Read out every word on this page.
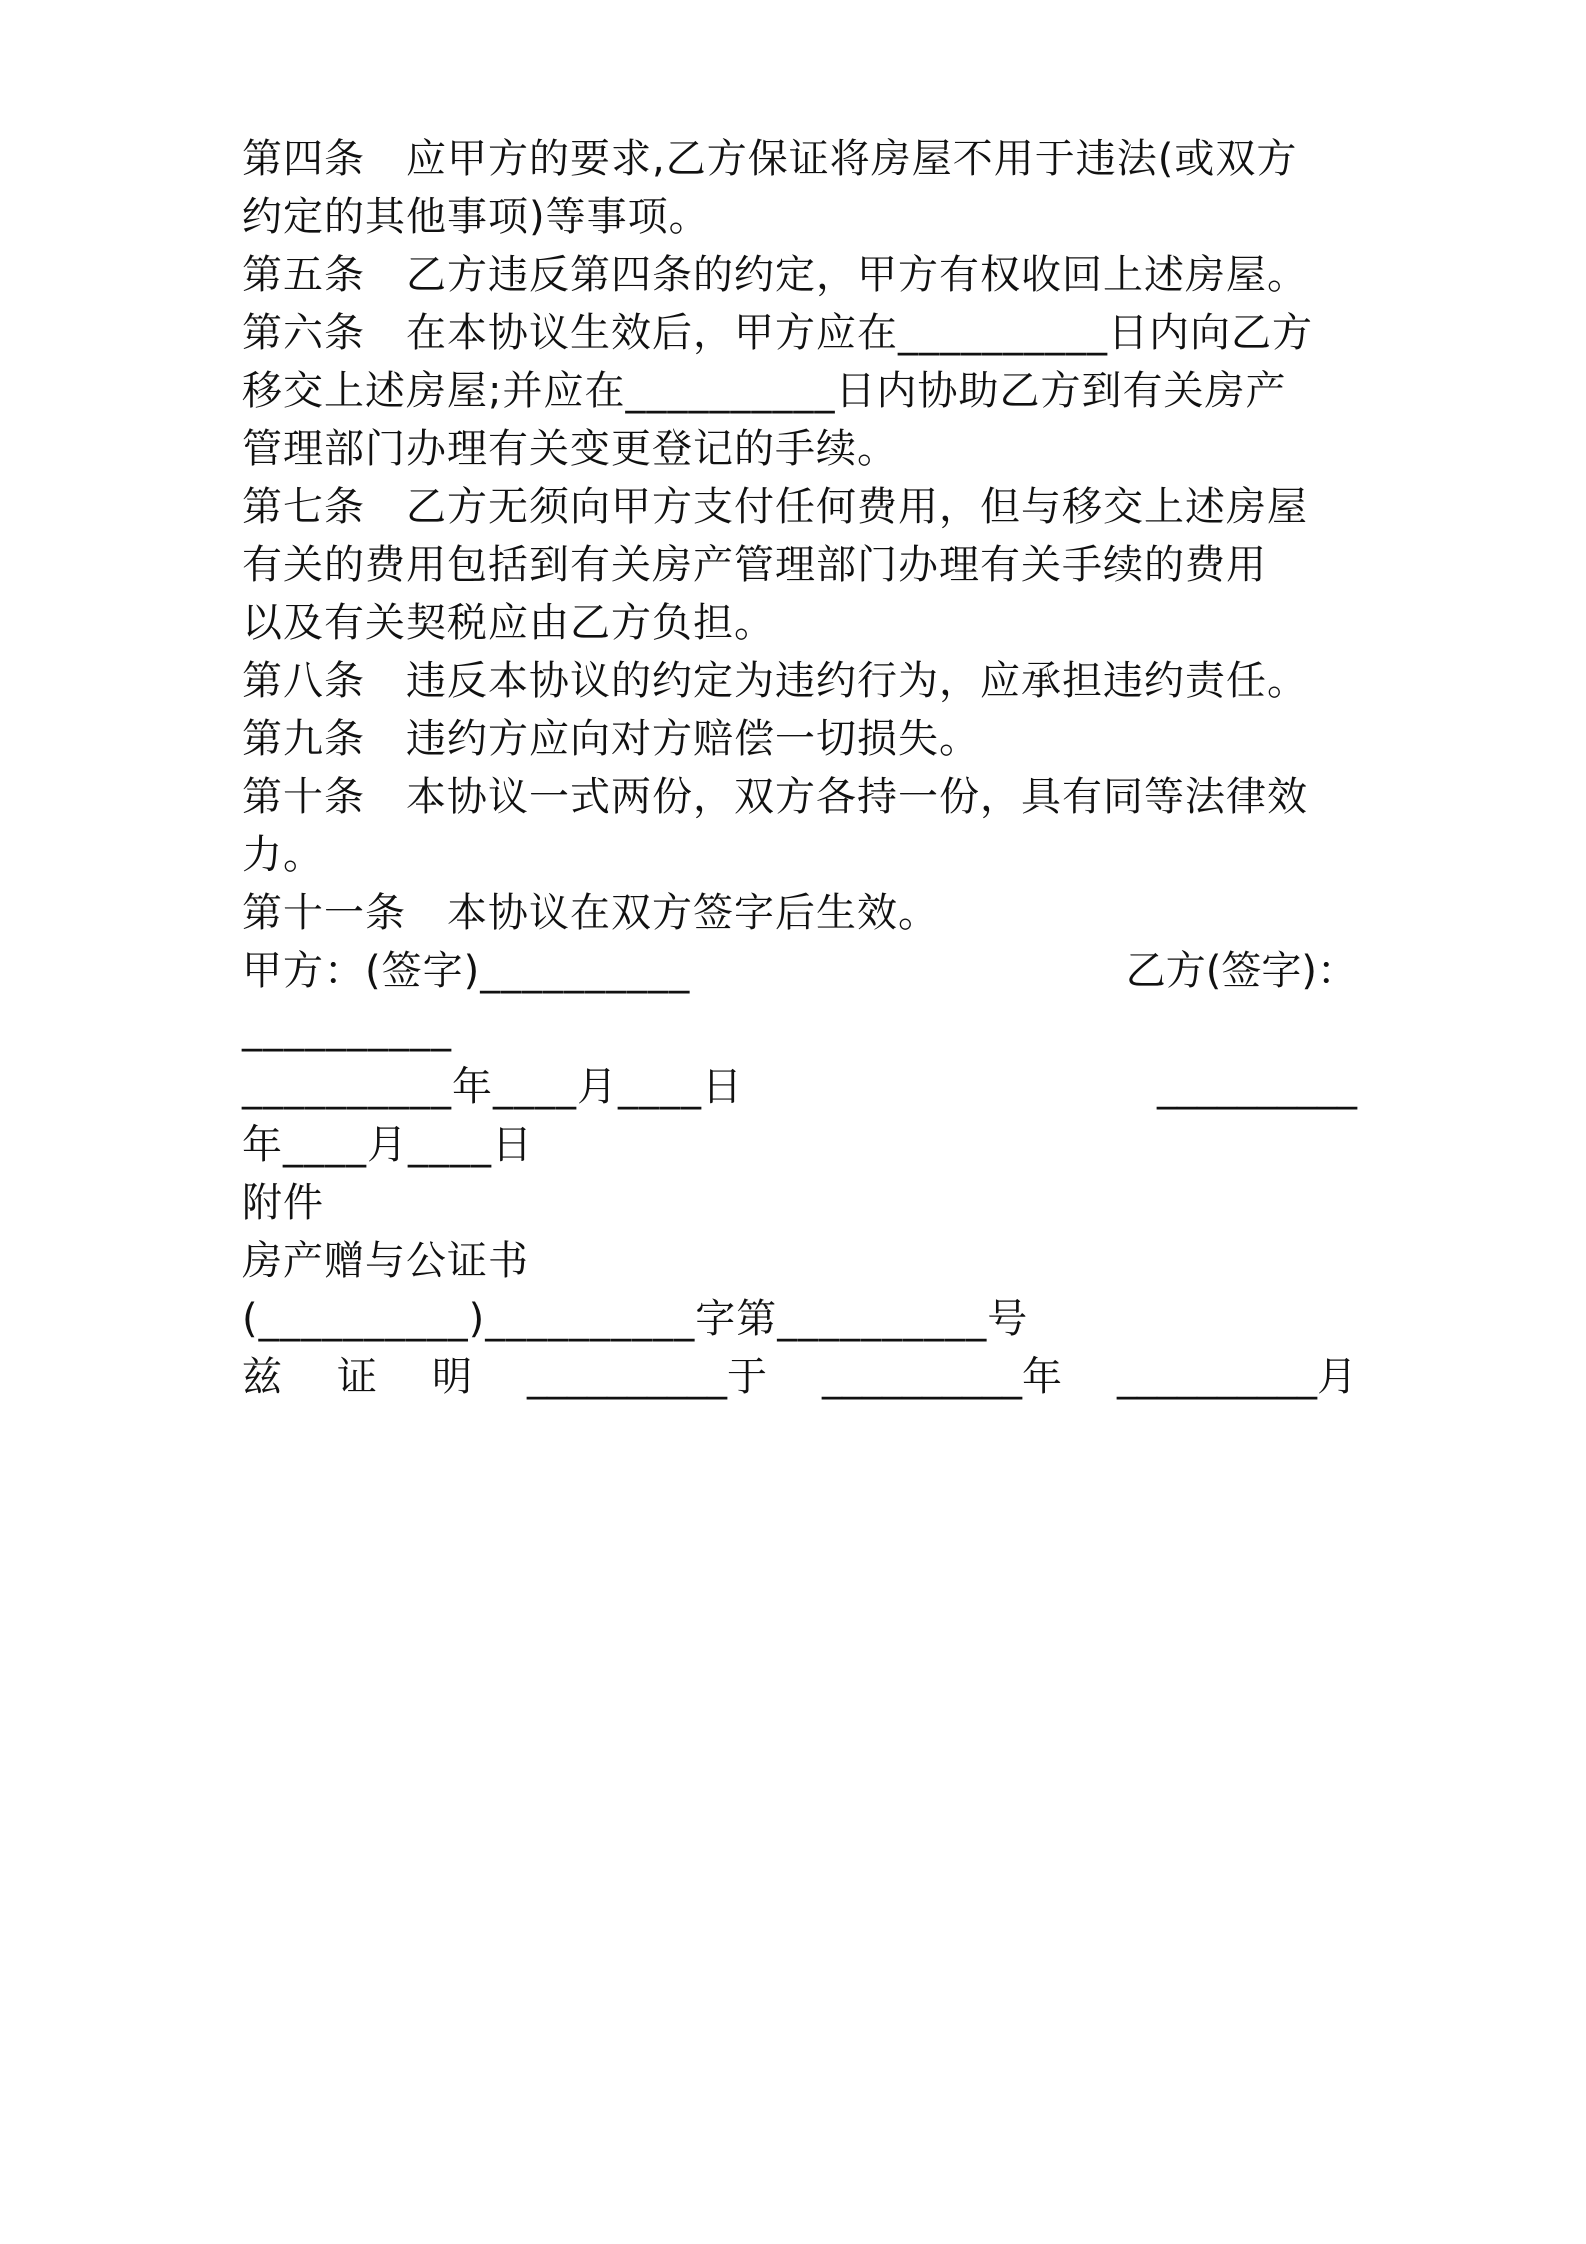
第四条　应甲方的要求,乙方保证将房屋不用于违法(或双方
约定的其他事项)等事项。
第五条　乙方违反第四条的约定，甲方有权收回上述房屋。
第六条　在本协议生效后，甲方应在__________日内向乙方
移交上述房屋;并应在__________日内协助乙方到有关房产
管理部门办理有关变更登记的手续。
第七条　乙方无须向甲方支付任何费用，但与移交上述房屋
有关的费用包括到有关房产管理部门办理有关手续的费用
以及有关契税应由乙方负担。
第八条　违反本协议的约定为违约行为，应承担违约责任。
第九条　违约方应向对方赔偿一切损失。
第十条　本协议一式两份，双方各持一份，具有同等法律效
力。
第十一条　本协议在双方签字后生效。
甲方：(签字)__________	乙方(签字)：
__________
__________年____月____日	__________
年____月____日
附件
房产赠与公证书
(__________)__________字第__________号
兹 证 明 __________于 __________年 __________月
